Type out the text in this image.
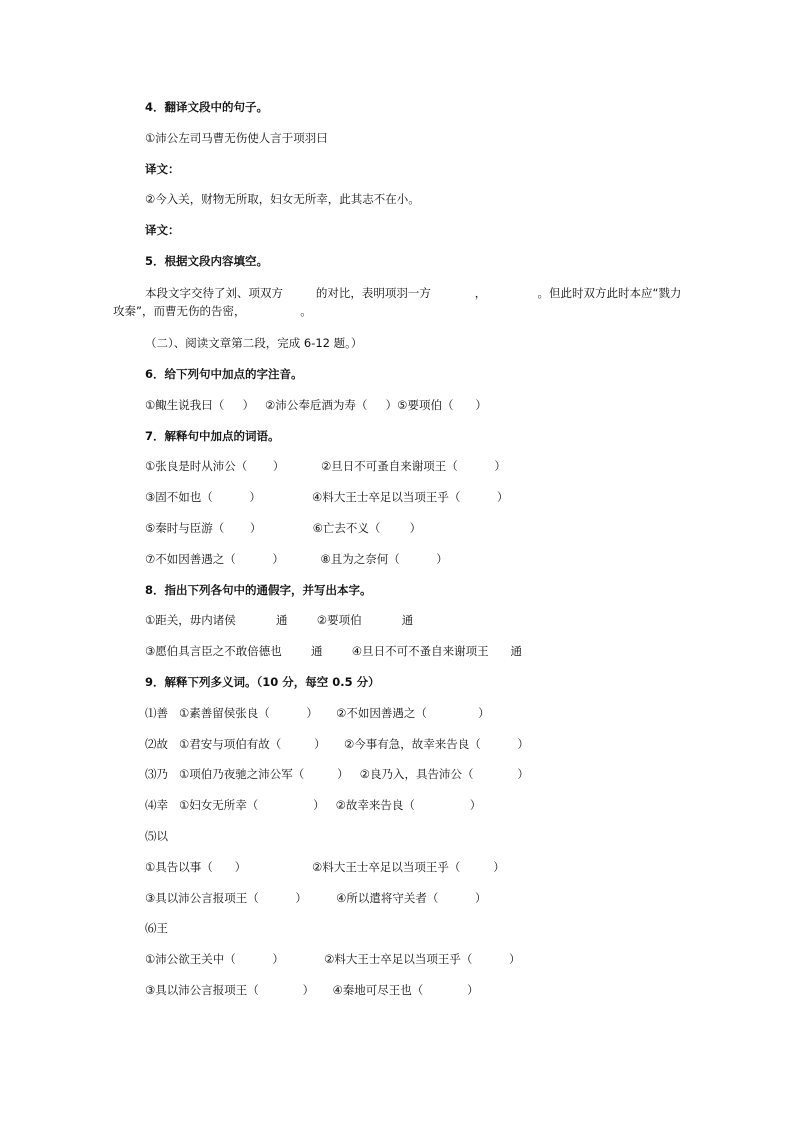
4．翻译文段中的句子。
①沛公左司马曹无伤使人言于项羽曰
译文：
②今入关，财物无所取，妇女无所幸，此其志不在小。
译文：
5．根据文段内容填空。
本段文字交待了刘、项双方         的对比，表明项羽一方            ，              。但此时双方此时本应“戮力
攻秦”，而曹无伤的告密，               。
（二）、阅读文章第二段，完成 6-12 题。）
6．给下列句中加点的字注音。
①鲰生说我曰（     ）   ②沛公奉卮酒为寿（     ）⑤要项伯（      ）
7．解释句中加点的词语。
①张良是时从沛公（       ）          ②旦日不可蚤自来谢项王（          ）
③固不如也（          ）              ④料大王士卒足以当项王乎（          ）
⑤秦时与臣游（       ）              ⑥亡去不义（        ）
⑦不如因善遇之（          ）          ⑧且为之奈何（          ）
8．指出下列各句中的通假字，并写出本字。
①距关，毋内诸侯           通        ②要项伯           通
③愿伯具言臣之不敢倍德也        通        ④旦日不可不蚤自来谢项王      通
9．解释下列多义词。（10 分，每空 0.5 分）
⑴善   ①素善留侯张良（          ）     ②不如因善遇之（              ）
⑵故   ①君安与项伯有故（         ）     ②今事有急，故幸来告良（          ）
⑶乃   ①项伯乃夜驰之沛公军（         ）   ②良乃入，具告沛公（            ）
⑷幸   ①妇女无所幸（               ）   ②故幸来告良（               ）
⑸以
①具告以事（      ）                  ②料大王士卒足以当项王乎（         ）
③具以沛公言报项王（          ）        ④所以遣将守关者（          ）
⑹王
①沛公欲王关中（          ）           ②料大王士卒足以当项王乎（          ）
③具以沛公言报项王（            ）     ④秦地可尽王也（            ）
